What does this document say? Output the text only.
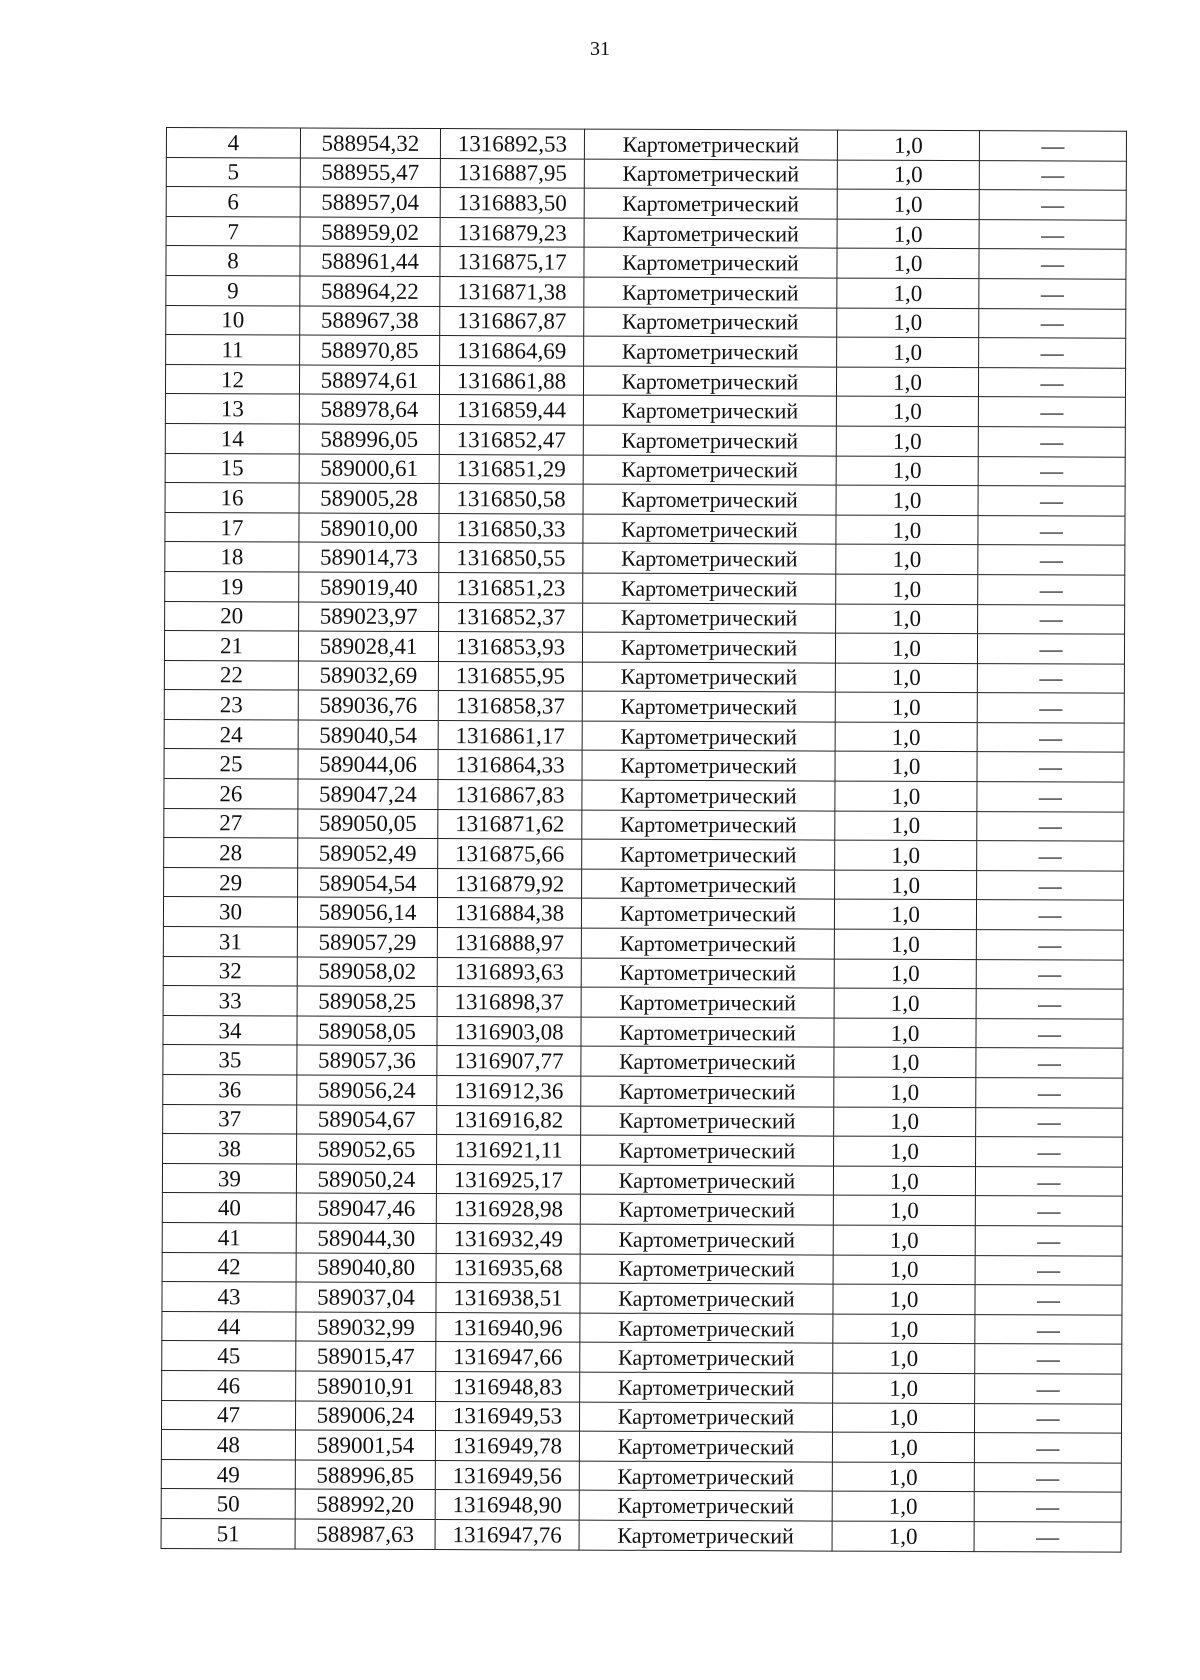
31
4	588954,32	1316892,53	Картометрический	1,0	—
5	588955,47	1316887,95	Картометрический	1,0	—
6	588957,04	1316883,50	Картометрический	1,0	—
7	588959,02	1316879,23	Картометрический	1,0	—
8	588961,44	1316875,17	Картометрический	1,0	—
9	588964,22	1316871,38	Картометрический	1,0	—
10	588967,38	1316867,87	Картометрический	1,0	—
11	588970,85	1316864,69	Картометрический	1,0	—
12	588974,61	1316861,88	Картометрический	1,0	—
13	588978,64	1316859,44	Картометрический	1,0	—
14	588996,05	1316852,47	Картометрический	1,0	—
15	589000,61	1316851,29	Картометрический	1,0	—
16	589005,28	1316850,58	Картометрический	1,0	—
17	589010,00	1316850,33	Картометрический	1,0	—
18	589014,73	1316850,55	Картометрический	1,0	—
19	589019,40	1316851,23	Картометрический	1,0	—
20	589023,97	1316852,37	Картометрический	1,0	—
21	589028,41	1316853,93	Картометрический	1,0	—
22	589032,69	1316855,95	Картометрический	1,0	—
23	589036,76	1316858,37	Картометрический	1,0	—
24	589040,54	1316861,17	Картометрический	1,0	—
25	589044,06	1316864,33	Картометрический	1,0	—
26	589047,24	1316867,83	Картометрический	1,0	—
27	589050,05	1316871,62	Картометрический	1,0	—
28	589052,49	1316875,66	Картометрический	1,0	—
29	589054,54	1316879,92	Картометрический	1,0	—
30	589056,14	1316884,38	Картометрический	1,0	—
31	589057,29	1316888,97	Картометрический	1,0	—
32	589058,02	1316893,63	Картометрический	1,0	—
33	589058,25	1316898,37	Картометрический	1,0	—
34	589058,05	1316903,08	Картометрический	1,0	—
35	589057,36	1316907,77	Картометрический	1,0	—
36	589056,24	1316912,36	Картометрический	1,0	—
37	589054,67	1316916,82	Картометрический	1,0	—
38	589052,65	1316921,11	Картометрический	1,0	—
39	589050,24	1316925,17	Картометрический	1,0	—
40	589047,46	1316928,98	Картометрический	1,0	—
41	589044,30	1316932,49	Картометрический	1,0	—
42	589040,80	1316935,68	Картометрический	1,0	—
43	589037,04	1316938,51	Картометрический	1,0	—
44	589032,99	1316940,96	Картометрический	1,0	—
45	589015,47	1316947,66	Картометрический	1,0	—
46	589010,91	1316948,83	Картометрический	1,0	—
47	589006,24	1316949,53	Картометрический	1,0	—
48	589001,54	1316949,78	Картометрический	1,0	—
49	588996,85	1316949,56	Картометрический	1,0	—
50	588992,20	1316948,90	Картометрический	1,0	—
51	588987,63	1316947,76	Картометрический	1,0	—
